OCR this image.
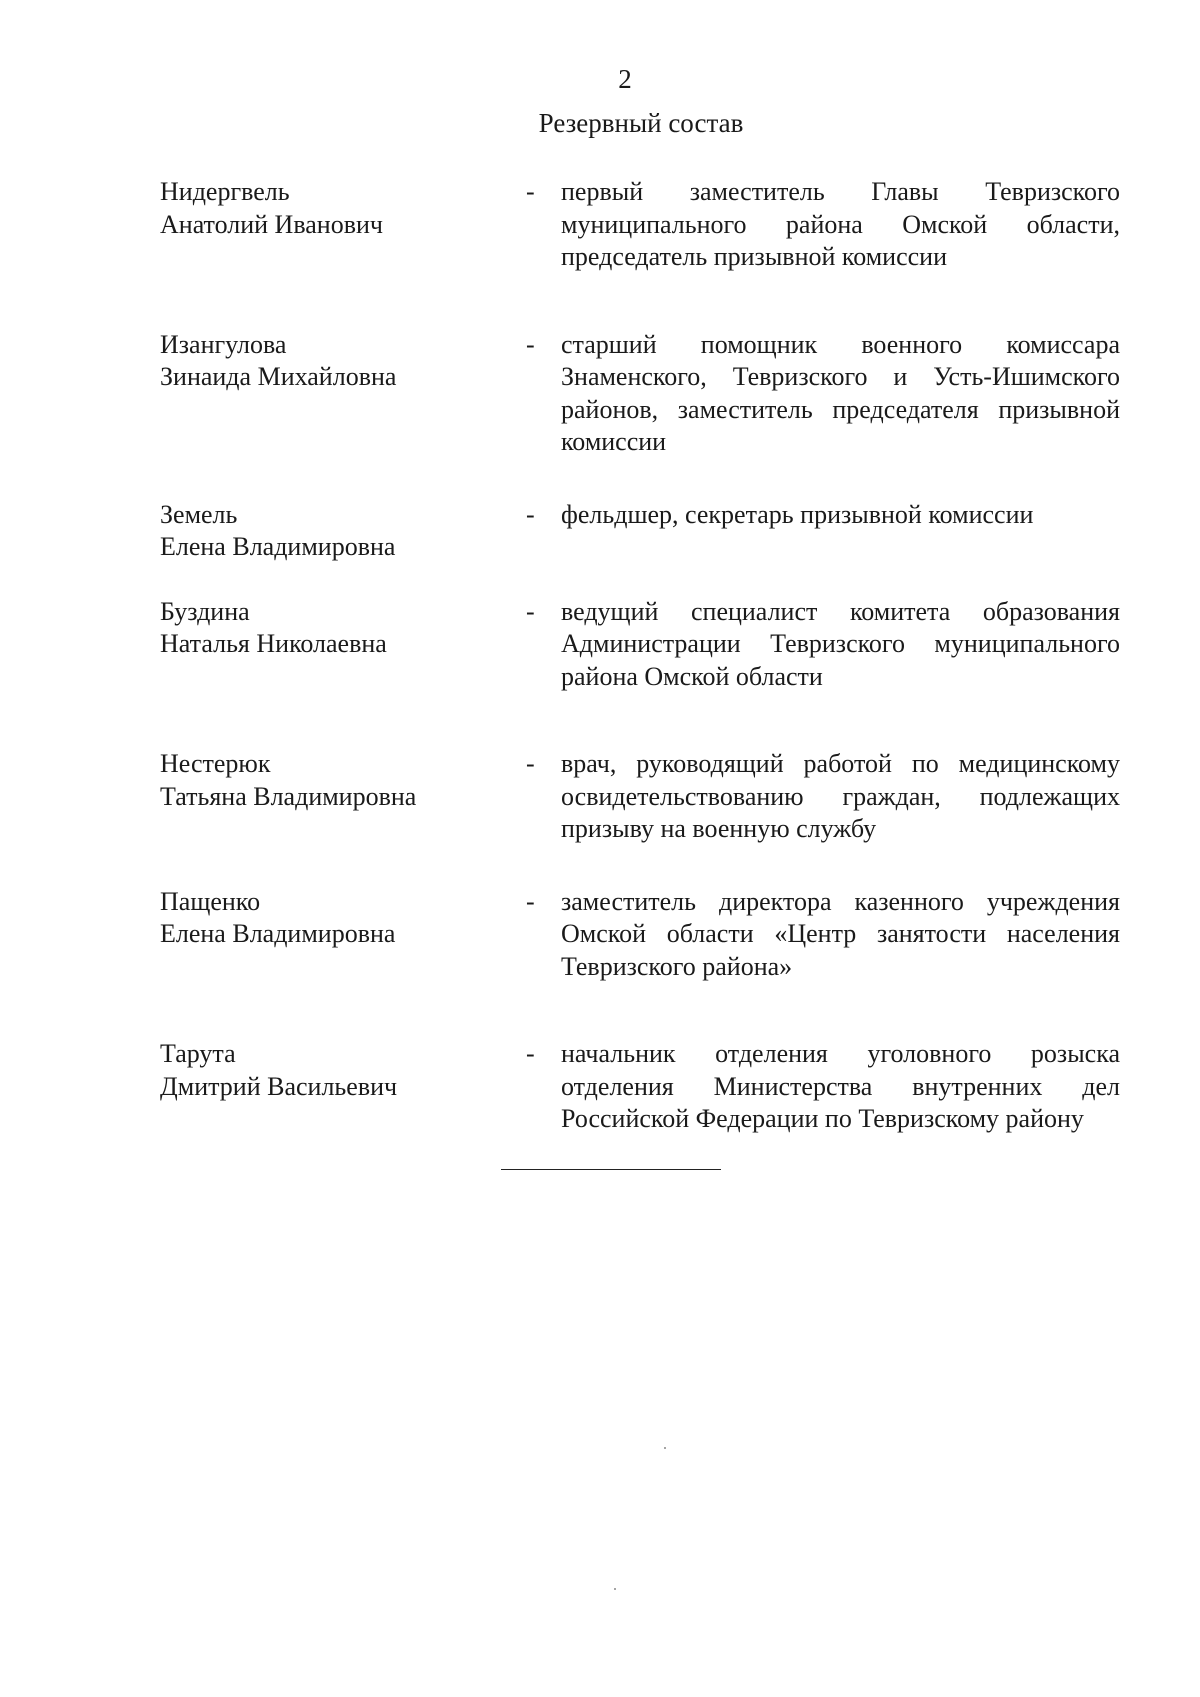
2
Резервный состав
Нидергвель
Анатолий Иванович
- первый заместитель Главы Тевризского муниципального района Омской области, председатель призывной комиссии
Изангулова
Зинаида Михайловна
- старший помощник военного комиссара Знаменского, Тевризского и Усть-Ишимского районов, заместитель председателя призывной комиссии
Земель
Елена Владимировна
- фельдшер, секретарь призывной комиссии
Буздина
Наталья Николаевна
- ведущий специалист комитета образования Администрации Тевризского муниципального района Омской области
Нестерюк
Татьяна Владимировна
- врач, руководящий работой по медицинскому освидетельствованию граждан, подлежащих призыву на военную службу
Пащенко
Елена Владимировна
- заместитель директора казенного учреждения Омской области «Центр занятости населения Тевризского района»
Тарута
Дмитрий Васильевич
- начальник отделения уголовного розыска отделения Министерства внутренних дел Российской Федерации по Тевризскому району
